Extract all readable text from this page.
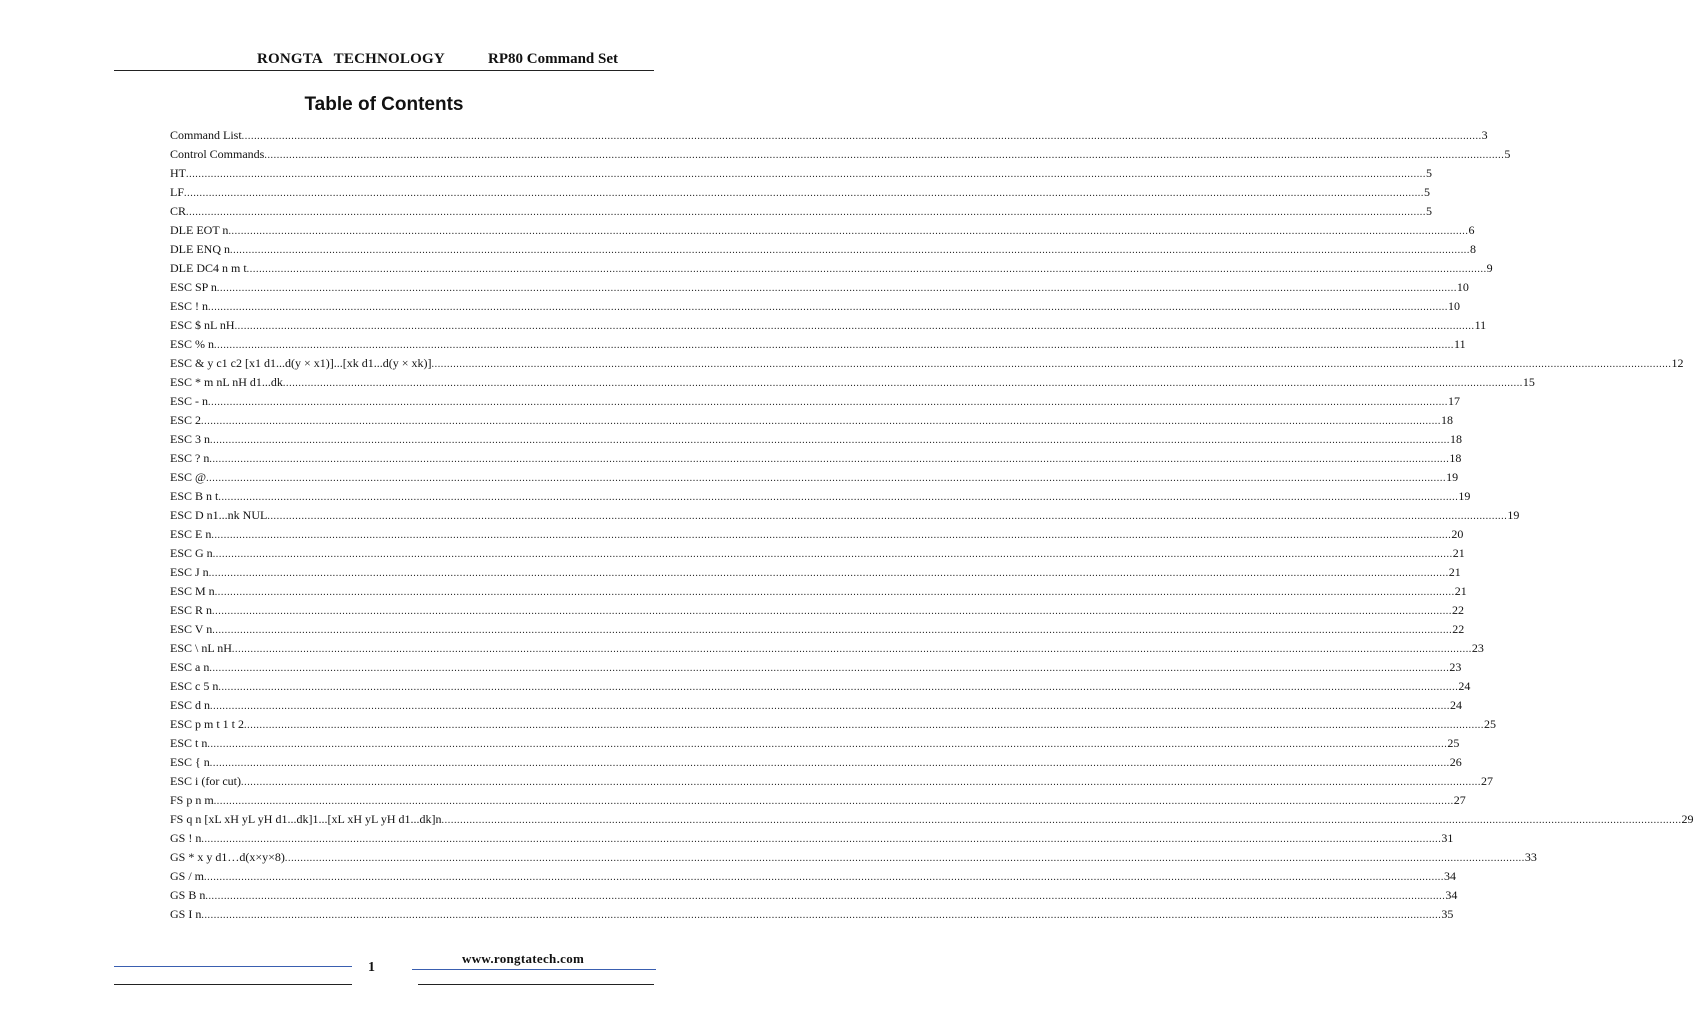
RONGTA   TECHNOLOGY	RP80 Command Set
Table of Contents
Command List ................................................................................................................................................................................................................................................................................................................................................................................................................ 3
Control Commands ................................................................................................................................................................................................................................................................................................................................................................................................................ 5
HT ................................................................................................................................................................................................................................................................................................................................................................................................................ 5
LF ................................................................................................................................................................................................................................................................................................................................................................................................................ 5
CR ................................................................................................................................................................................................................................................................................................................................................................................................................ 5
DLE EOT n ................................................................................................................................................................................................................................................................................................................................................................................................................ 6
DLE ENQ n ................................................................................................................................................................................................................................................................................................................................................................................................................ 8
DLE DC4 n m t ................................................................................................................................................................................................................................................................................................................................................................................................................ 9
ESC SP n ................................................................................................................................................................................................................................................................................................................................................................................................................ 10
ESC ! n ................................................................................................................................................................................................................................................................................................................................................................................................................ 10
ESC $ nL nH ................................................................................................................................................................................................................................................................................................................................................................................................................ 11
ESC % n ................................................................................................................................................................................................................................................................................................................................................................................................................ 11
ESC & y c1 c2 [x1 d1...d(y × x1)]...[xk d1...d(y × xk)] ................................................................................................................................................................................................................................................................................................................................................................................................................ 12
ESC * m nL nH d1...dk ................................................................................................................................................................................................................................................................................................................................................................................................................ 15
ESC - n ................................................................................................................................................................................................................................................................................................................................................................................................................ 17
ESC 2 ................................................................................................................................................................................................................................................................................................................................................................................................................ 18
ESC 3 n ................................................................................................................................................................................................................................................................................................................................................................................................................ 18
ESC ? n ................................................................................................................................................................................................................................................................................................................................................................................................................ 18
ESC @ ................................................................................................................................................................................................................................................................................................................................................................................................................ 19
ESC B n t ................................................................................................................................................................................................................................................................................................................................................................................................................ 19
ESC D n1...nk NUL ................................................................................................................................................................................................................................................................................................................................................................................................................ 19
ESC E n ................................................................................................................................................................................................................................................................................................................................................................................................................ 20
ESC G n ................................................................................................................................................................................................................................................................................................................................................................................................................ 21
ESC J n ................................................................................................................................................................................................................................................................................................................................................................................................................ 21
ESC M n ................................................................................................................................................................................................................................................................................................................................................................................................................ 21
ESC R n ................................................................................................................................................................................................................................................................................................................................................................................................................ 22
ESC V n ................................................................................................................................................................................................................................................................................................................................................................................................................ 22
ESC \ nL nH ................................................................................................................................................................................................................................................................................................................................................................................................................ 23
ESC a n ................................................................................................................................................................................................................................................................................................................................................................................................................ 23
ESC c 5 n ................................................................................................................................................................................................................................................................................................................................................................................................................ 24
ESC d n ................................................................................................................................................................................................................................................................................................................................................................................................................ 24
ESC p m t 1 t 2 ................................................................................................................................................................................................................................................................................................................................................................................................................ 25
ESC t n ................................................................................................................................................................................................................................................................................................................................................................................................................ 25
ESC { n ................................................................................................................................................................................................................................................................................................................................................................................................................ 26
ESC i (for cut) ................................................................................................................................................................................................................................................................................................................................................................................................................ 27
FS p n m ................................................................................................................................................................................................................................................................................................................................................................................................................ 27
FS q n [xL xH yL yH d1...dk]1...[xL xH yL yH d1...dk]n ................................................................................................................................................................................................................................................................................................................................................................................................................ 29
GS ! n ................................................................................................................................................................................................................................................................................................................................................................................................................ 31
GS * x y d1…d(x×y×8) ................................................................................................................................................................................................................................................................................................................................................................................................................ 33
GS / m ................................................................................................................................................................................................................................................................................................................................................................................................................ 34
GS B n ................................................................................................................................................................................................................................................................................................................................................................................................................ 34
GS I n ................................................................................................................................................................................................................................................................................................................................................................................................................ 35
www.rongtatech.com
1
